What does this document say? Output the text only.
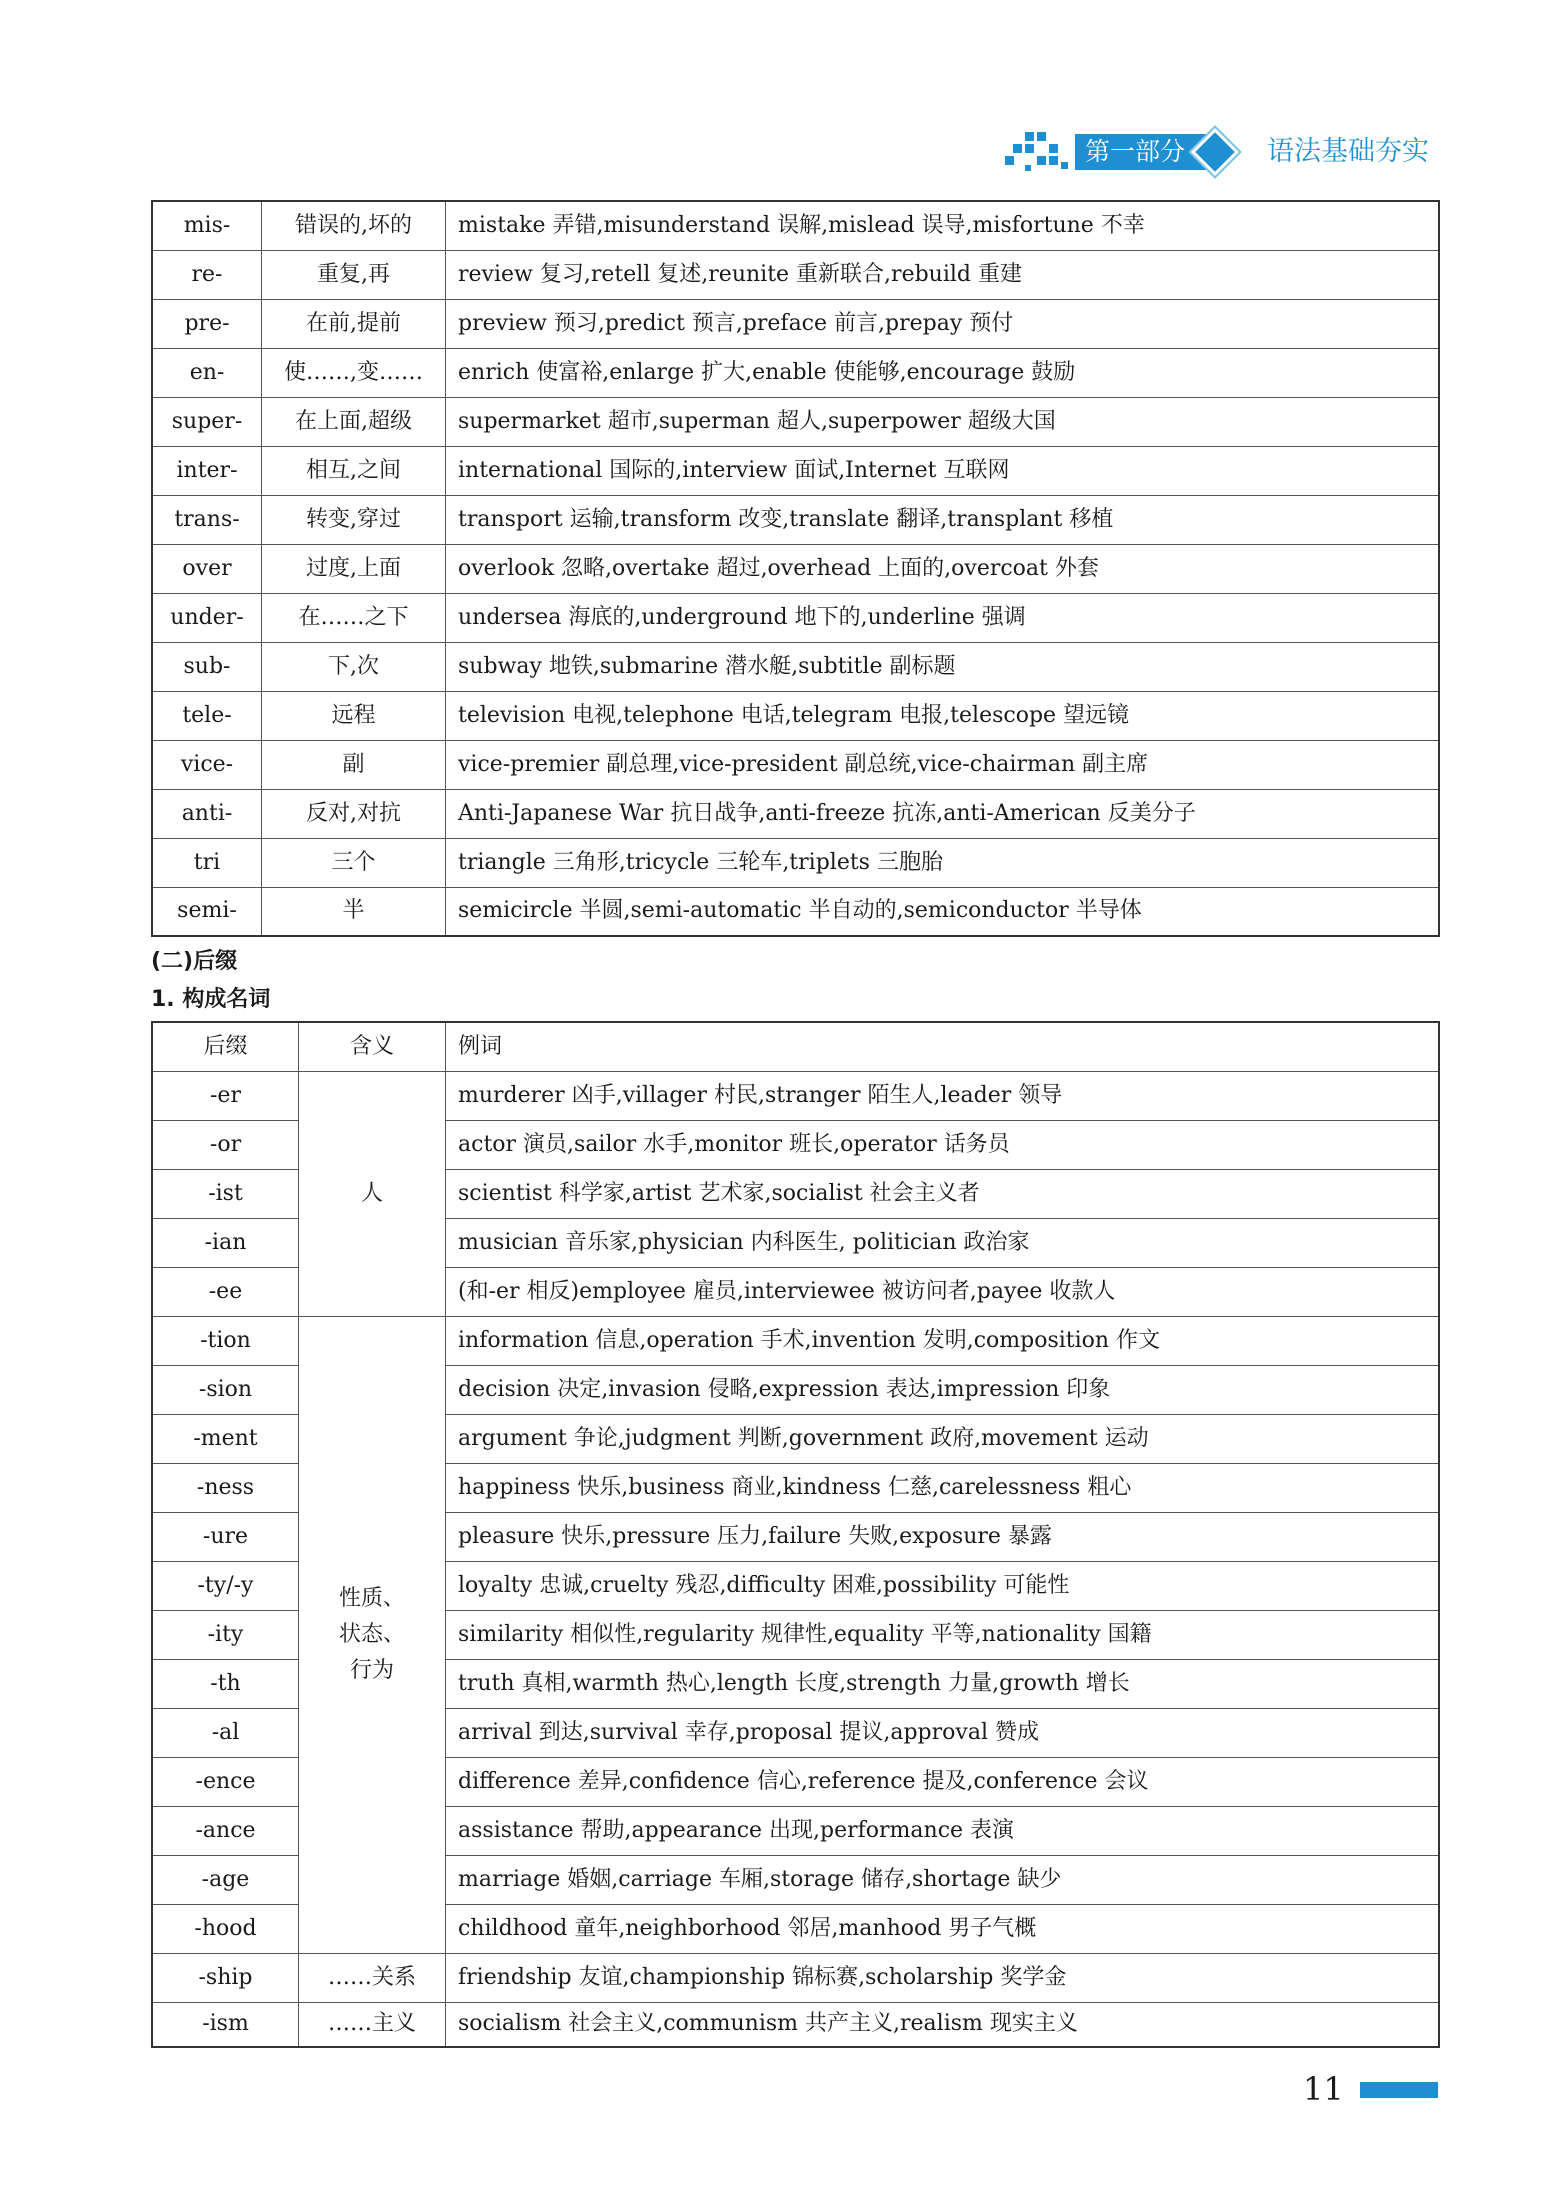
第一部分	语法基础夯实
mis-	错误的,坏的	mistake 弄错,misunderstand 误解,mislead 误导,misfortune 不幸
re-	重复,再	review 复习,retell 复述,reunite 重新联合,rebuild 重建
pre-	在前,提前	preview 预习,predict 预言,preface 前言,prepay 预付
en-	使……,变……	enrich 使富裕,enlarge 扩大,enable 使能够,encourage 鼓励
super-	在上面,超级	supermarket 超市,superman 超人,superpower 超级大国
inter-	相互,之间	international 国际的,interview 面试,Internet 互联网
trans-	转变,穿过	transport 运输,transform 改变,translate 翻译,transplant 移植
over	过度,上面	overlook 忽略,overtake 超过,overhead 上面的,overcoat 外套
under-	在……之下	undersea 海底的,underground 地下的,underline 强调
sub-	下,次	subway 地铁,submarine 潜水艇,subtitle 副标题
tele-	远程	television 电视,telephone 电话,telegram 电报,telescope 望远镜
vice-	副	vice-premier 副总理,vice-president 副总统,vice-chairman 副主席
anti-	反对,对抗	Anti-Japanese War 抗日战争,anti-freeze 抗冻,anti-American 反美分子
tri	三个	triangle 三角形,tricycle 三轮车,triplets 三胞胎
semi-	半	semicircle 半圆,semi-automatic 半自动的,semiconductor 半导体
(二)后缀
1. 构成名词
后缀	含义	例词
-er	人	murderer 凶手,villager 村民,stranger 陌生人,leader 领导
-or		actor 演员,sailor 水手,monitor 班长,operator 话务员
-ist		scientist 科学家,artist 艺术家,socialist 社会主义者
-ian		musician 音乐家,physician 内科医生, politician 政治家
-ee		(和-er 相反)employee 雇员,interviewee 被访问者,payee 收款人
-tion	性质、
状态、
行为	information 信息,operation 手术,invention 发明,composition 作文
-sion		decision 决定,invasion 侵略,expression 表达,impression 印象
-ment		argument 争论,judgment 判断,government 政府,movement 运动
-ness		happiness 快乐,business 商业,kindness 仁慈,carelessness 粗心
-ure		pleasure 快乐,pressure 压力,failure 失败,exposure 暴露
-ty/-y		loyalty 忠诚,cruelty 残忍,difficulty 困难,possibility 可能性
-ity		similarity 相似性,regularity 规律性,equality 平等,nationality 国籍
-th		truth 真相,warmth 热心,length 长度,strength 力量,growth 增长
-al		arrival 到达,survival 幸存,proposal 提议,approval 赞成
-ence		difference 差异,confidence 信心,reference 提及,conference 会议
-ance		assistance 帮助,appearance 出现,performance 表演
-age		marriage 婚姻,carriage 车厢,storage 储存,shortage 缺少
-hood		childhood 童年,neighborhood 邻居,manhood 男子气概
-ship	……关系	friendship 友谊,championship 锦标赛,scholarship 奖学金
-ism	……主义	socialism 社会主义,communism 共产主义,realism 现实主义
11
